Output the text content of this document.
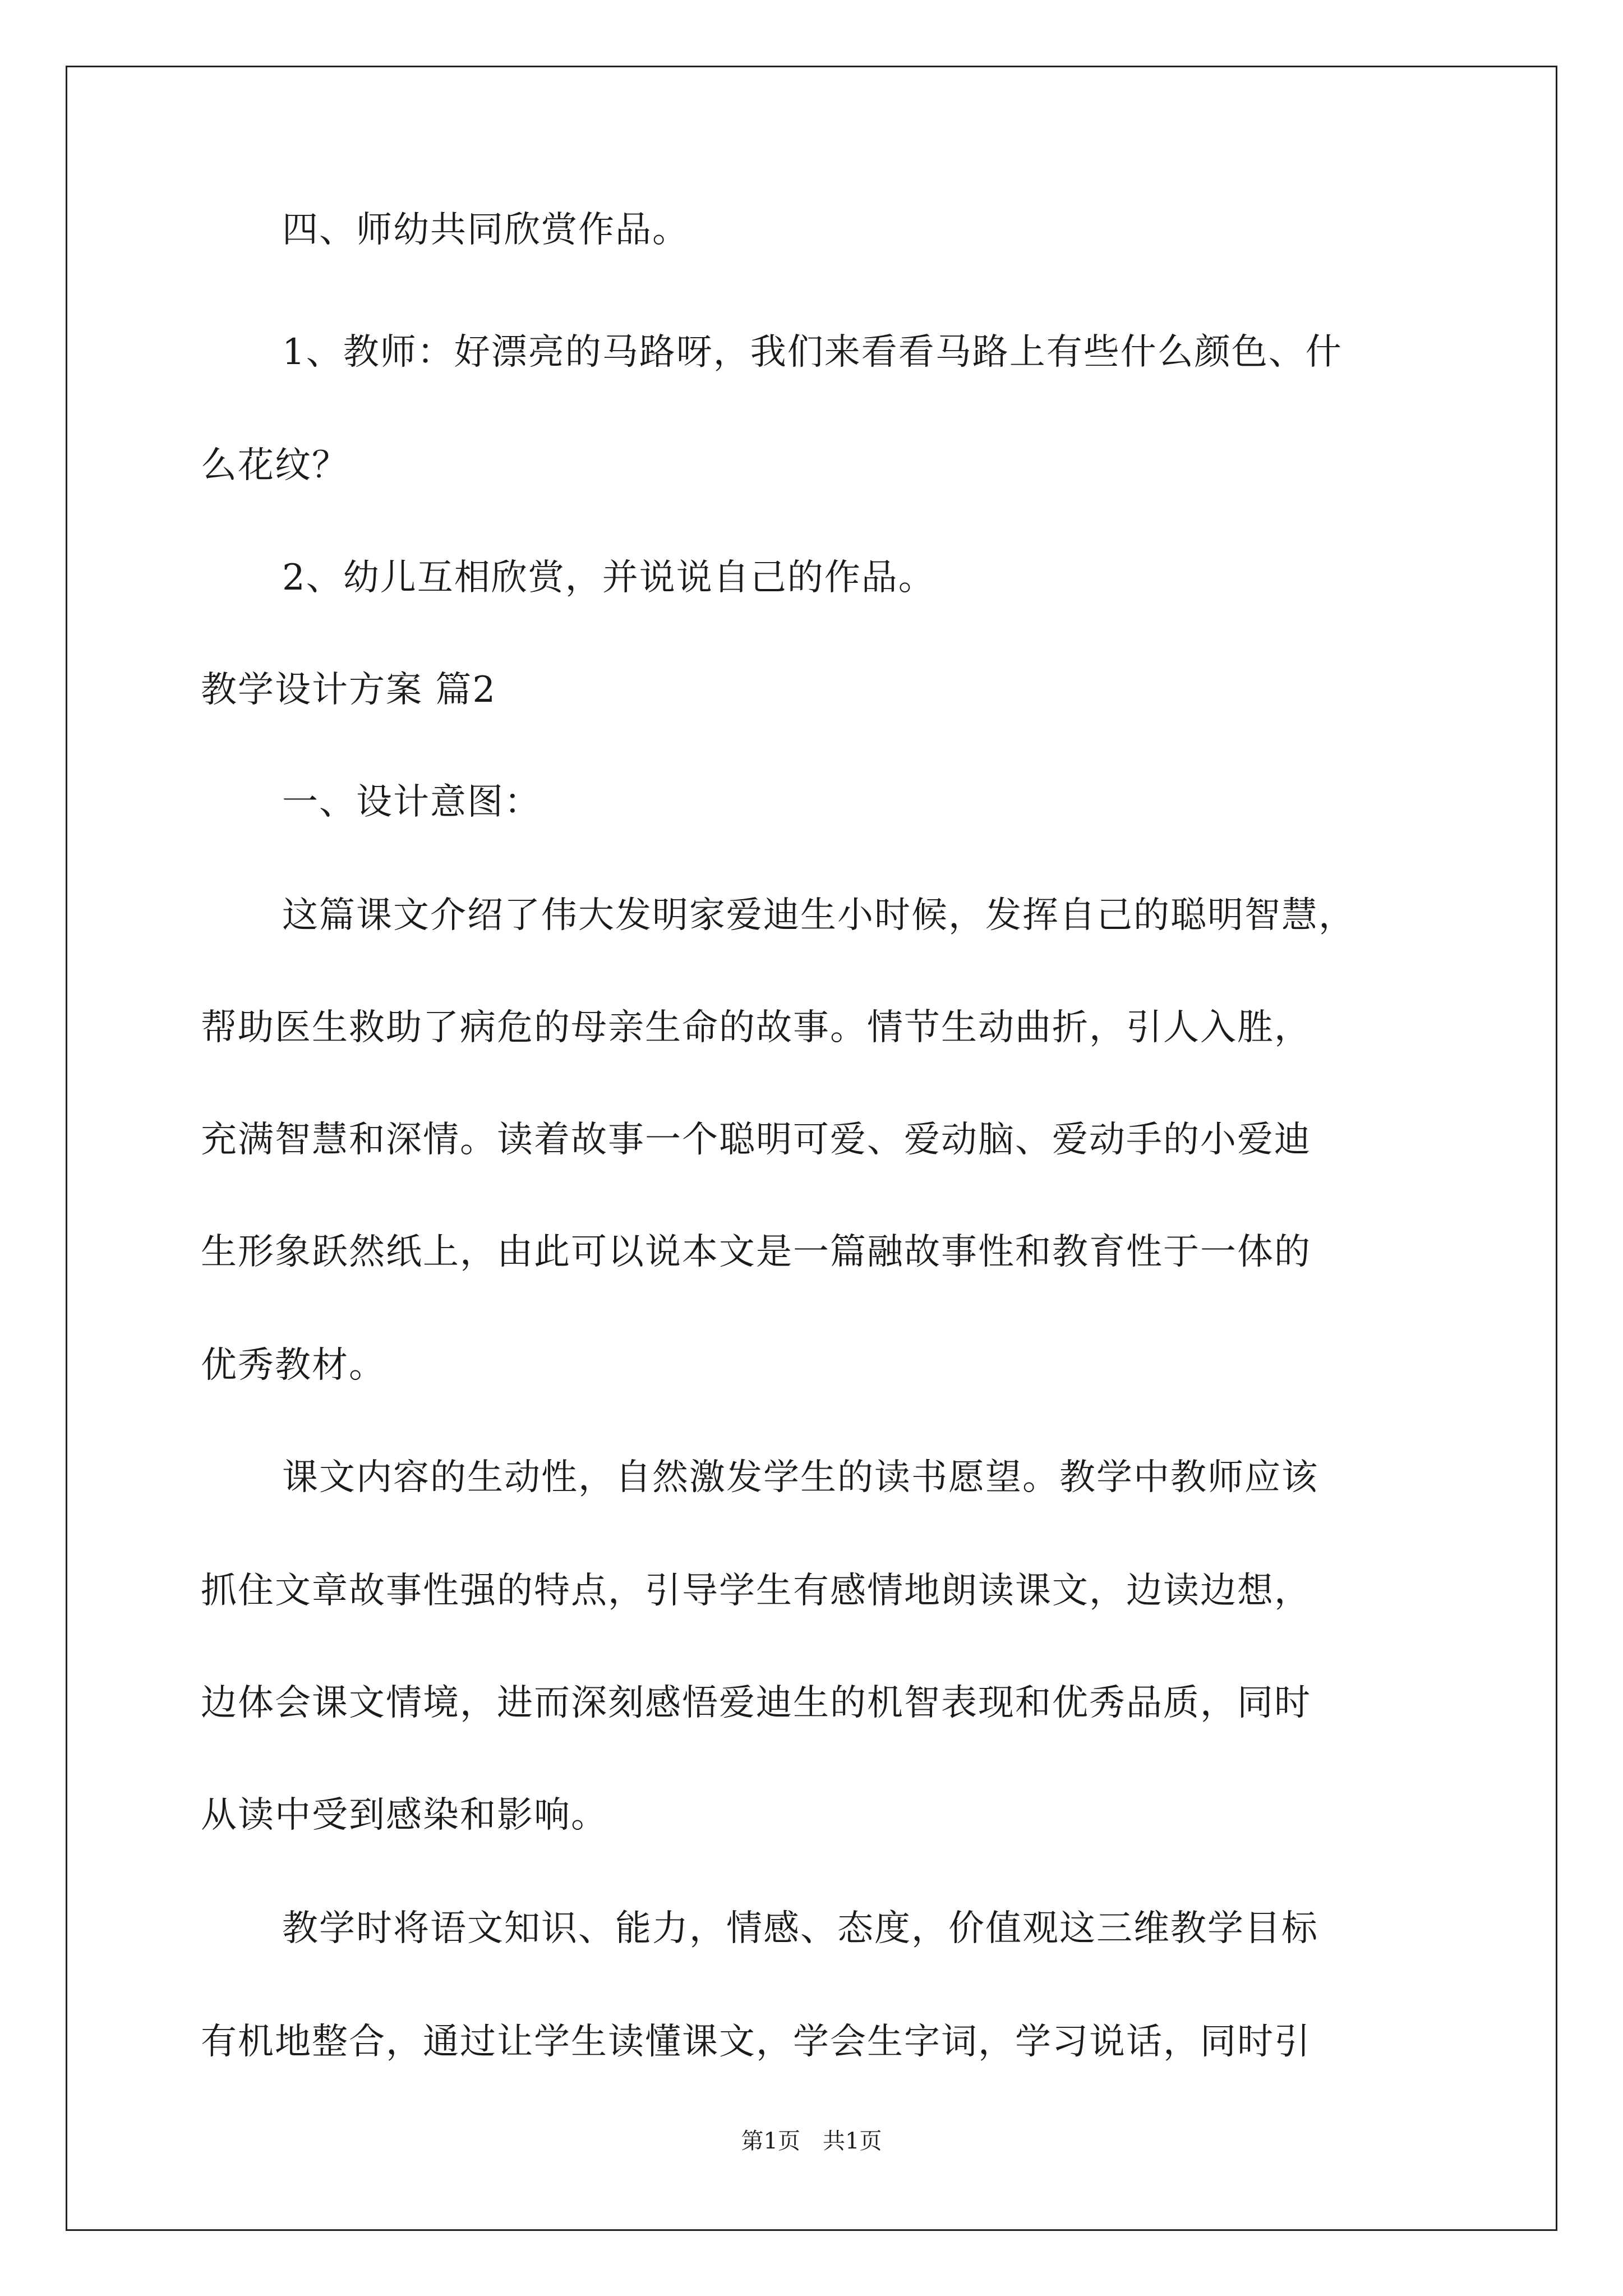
四、师幼共同欣赏作品。
1、教师：好漂亮的马路呀，我们来看看马路上有些什么颜色、什
么花纹？
2、幼儿互相欣赏，并说说自己的作品。
教学设计方案 篇2
一、设计意图：
这篇课文介绍了伟大发明家爱迪生小时候，发挥自己的聪明智慧，
帮助医生救助了病危的母亲生命的故事。情节生动曲折，引人入胜，
充满智慧和深情。读着故事一个聪明可爱、爱动脑、爱动手的小爱迪
生形象跃然纸上，由此可以说本文是一篇融故事性和教育性于一体的
优秀教材。
课文内容的生动性，自然激发学生的读书愿望。教学中教师应该
抓住文章故事性强的特点，引导学生有感情地朗读课文，边读边想，
边体会课文情境，进而深刻感悟爱迪生的机智表现和优秀品质，同时
从读中受到感染和影响。
教学时将语文知识、能力，情感、态度，价值观这三维教学目标
有机地整合，通过让学生读懂课文，学会生字词，学习说话，同时引
第1页　共1页
